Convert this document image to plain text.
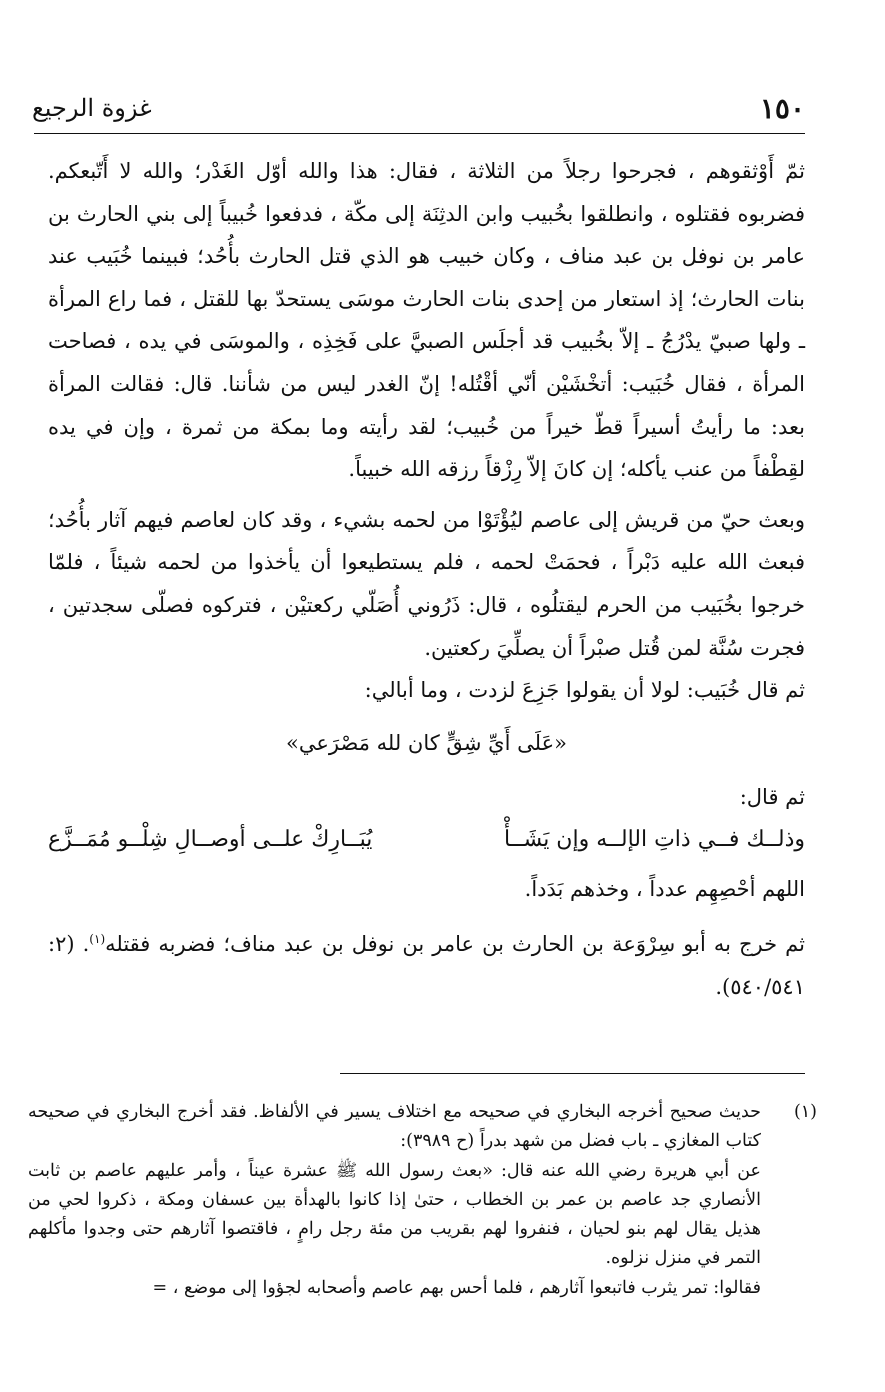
١٥٠
غزوة الرجيع

ثمّ أَوْثقوهم ، فجرحوا رجلاً من الثلاثة ، فقال: هذا والله أوّل الغَدْر؛ والله لا أَتّبعكم. فضربوه فقتلوه ، وانطلقوا بخُبيب وابن الدثِنَة إلى مكّة ، فدفعوا خُبيباً إلى بني الحارث بن عامر بن نوفل بن عبد مناف ، وكان خبيب هو الذي قتل الحارث بأُحُد؛ فبينما خُبَيب عند بنات الحارث؛ إذ استعار من إحدى بنات الحارث موسَى يستحدّ بها للقتل ، فما راع المرأة ـ ولها صبيّ يدْرُجُ ـ إلاّ بخُبيب قد أجلَس الصبيَّ على فَخِذِه ، والموسَى في يده ، فصاحت المرأة ، فقال خُبَيب: أتخْشَيْن أنّي أقْتُله! إنّ الغدر ليس من شأننا. قال: فقالت المرأة بعد: ما رأيتُ أسيراً قطّ خيراً من خُبيب؛ لقد رأيته وما بمكة من ثمرة ، وإن في يده لقِطْفاً من عنب يأكله؛ إن كانَ إلاّ رِزْقاً رزقه الله خبيباً.

وبعث حيّ من قريش إلى عاصم ليُؤْتَوْا من لحمه بشيء ، وقد كان لعاصم فيهم آثار بأُحُد؛ فبعث الله عليه دَبْراً ، فحمَتْ لحمه ، فلم يستطيعوا أن يأخذوا من لحمه شيئاً ، فلمّا خرجوا بخُبَيب من الحرم ليقتلُوه ، قال: ذَرُوني أُصَلّي ركعتيْن ، فتركوه فصلّى سجدتين ، فجرت سُنَّة لمن قُتل صبْراً أن يصلِّيَ ركعتين.

ثم قال خُبَيب: لولا أن يقولوا جَزِعَ لزدت ، وما أبالي:

«عَلَى أَيِّ شِقٍّ كان لله مَصْرَعي»

ثم قال:

وذلــك فــي ذاتِ الإلــه وإن يَشَــأْ
يُبَــارِكْ علــى أوصــالِ شِلْــو مُمَــزَّع

اللهم أحْصِهِم عدداً ، وخذهم بَدَداً.

ثم خرج به أبو سِرْوَعة بن الحارث بن عامر بن نوفل بن عبد مناف؛ فضربه فقتله$^{(١)}$. (٢: ٥٤٠/٥٤١).

(١)

حديث صحيح أخرجه البخاري في صحيحه مع اختلاف يسير في الألفاظ. فقد أخرج البخاري في صحيحه كتاب المغازي ـ باب فضل من شهد بدراً (ح ٣٩٨٩):

عن أبي هريرة رضي الله عنه قال: «بعث رسول الله ﷺ عشرة عيناً ، وأمر عليهم عاصم بن ثابت الأنصاري جد عاصم بن عمر بن الخطاب ، حتىٰ إذا كانوا بالهدأة بين عسفان ومكة ، ذكروا لحي من هذيل يقال لهم بنو لحيان ، فنفروا لهم بقريب من مئة رجل رامٍ ، فاقتصوا آثارهم حتى وجدوا مأكلهم التمر في منزل نزلوه.

فقالوا: تمر يثرب فاتبعوا آثارهم ، فلما أحس بهم عاصم وأصحابه لجؤوا إلى موضع ، =
